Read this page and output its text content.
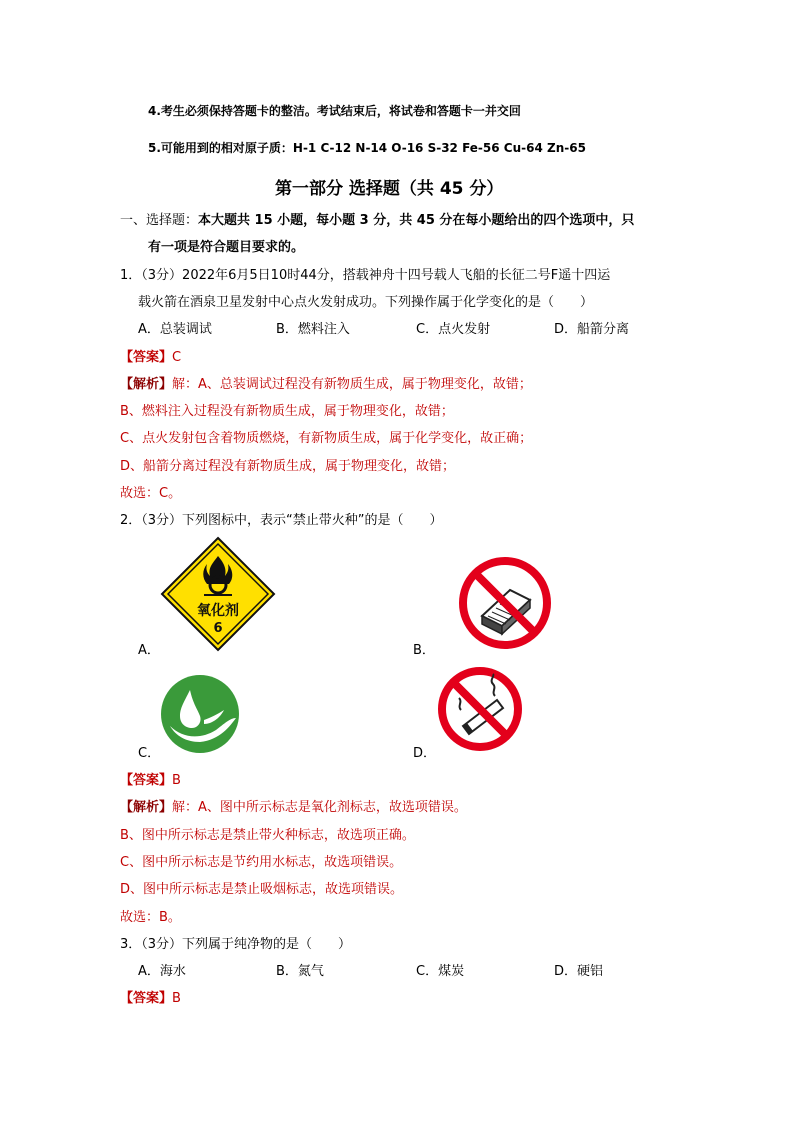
4.考生必须保持答题卡的整洁。考试结束后，将试卷和答题卡一并交回
5.可能用到的相对原子质：H-1 C-12 N-14 O-16 S-32 Fe-56 Cu-64 Zn-65
第一部分 选择题（共 45 分）
一、选择题：本大题共 15 小题，每小题 3 分，共 45 分在每小题给出的四个选项中，只
有一项是符合题目要求的。
1．（3分）2022年6月5日10时44分，搭载神舟十四号载人飞船的长征二号F遥十四运
载火箭在酒泉卫星发射中心点火发射成功。下列操作属于化学变化的是（　　）
A．总装调试	B．燃料注入	C．点火发射	D．船箭分离
【答案】C
【解析】解：A、总装调试过程没有新物质生成，属于物理变化，故错；
B、燃料注入过程没有新物质生成，属于物理变化，故错；
C、点火发射包含着物质燃烧，有新物质生成，属于化学变化，故正确；
D、船箭分离过程没有新物质生成，属于物理变化，故错；
故选：C。
2．（3分）下列图标中，表示“禁止带火种”的是（　　）
氧化剂
6
A．	B．
C．	D．
【答案】B
【解析】解：A、图中所示标志是氧化剂标志，故选项错误。
B、图中所示标志是禁止带火种标志，故选项正确。
C、图中所示标志是节约用水标志，故选项错误。
D、图中所示标志是禁止吸烟标志，故选项错误。
故选：B。
3．（3分）下列属于纯净物的是（　　）
A．海水	B．氮气	C．煤炭	D．硬铝
【答案】B
